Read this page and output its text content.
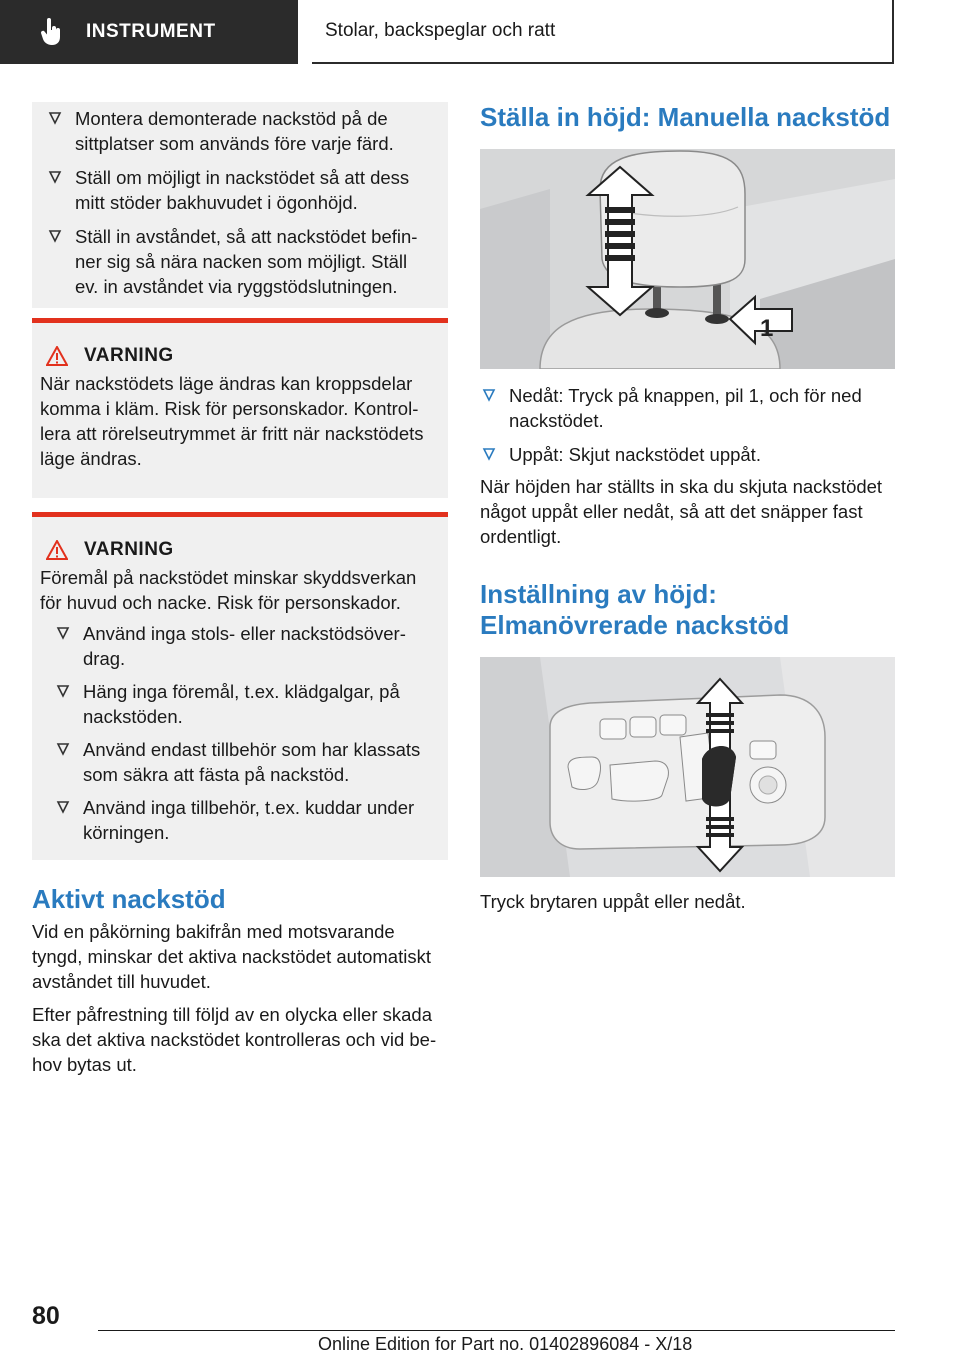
INSTRUMENT	Stolar, backspeglar och ratt
Montera demonterade nackstöd på de sittplatser som används före varje färd.
Ställ om möjligt in nackstödet så att dess mitt stöder bakhuvudet i ögonhöjd.
Ställ in avståndet, så att nackstödet befinner sig så nära nacken som möjligt. Ställ ev. in avståndet via ryggstödslutningen.
VARNING

När nackstödets läge ändras kan kroppsdelar komma i kläm. Risk för personskador. Kontrollera att rörelseutrymmet är fritt när nackstödets läge ändras.

VARNING

Föremål på nackstödet minskar skyddsverkan för huvud och nacke. Risk för personskador.

Använd inga stols- eller nackstödsöverdrag.
Häng inga föremål, t.ex. klädgalgar, på nackstöden.
Använd endast tillbehör som har klassats som säkra att fästa på nackstöd.
Använd inga tillbehör, t.ex. kuddar under körningen.
Aktivt nackstöd

Vid en påkörning bakifrån med motsvarande tyngd, minskar det aktiva nackstödet automatiskt avståndet till huvudet.

Efter påfrestning till följd av en olycka eller skada ska det aktiva nackstödet kontrolleras och vid behov bytas ut.

Ställa in höjd: Manuella nackstöd
1
Nedåt: Tryck på knappen, pil 1, och för ned nackstödet.
Uppåt: Skjut nackstödet uppåt.

När höjden har ställts in ska du skjuta nackstödet något uppåt eller nedåt, så att det snäpper fast ordentligt.

Inställning av höjd:
Elmanövrerade nackstöd

Tryck brytaren uppåt eller nedåt.

80
Online Edition for Part no. 01402896084 - X/18
